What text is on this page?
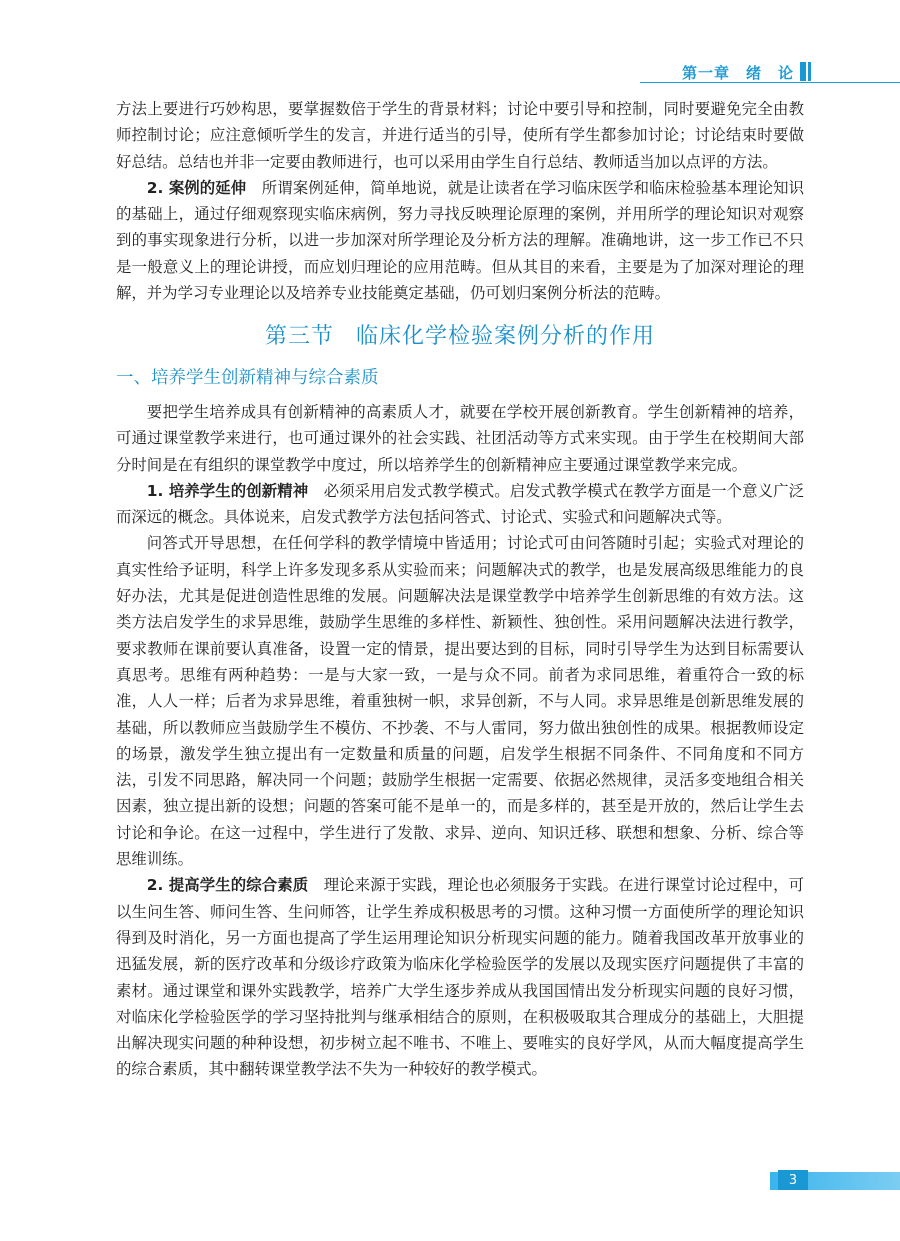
第一章　绪　论

方法上要进行巧妙构思，要掌握数倍于学生的背景材料；讨论中要引导和控制，同时要避免完全由教师控制讨论；应注意倾听学生的发言，并进行适当的引导，使所有学生都参加讨论；讨论结束时要做好总结。总结也并非一定要由教师进行，也可以采用由学生自行总结、教师适当加以点评的方法。

2. 案例的延伸　所谓案例延伸，简单地说，就是让读者在学习临床医学和临床检验基本理论知识的基础上，通过仔细观察现实临床病例，努力寻找反映理论原理的案例，并用所学的理论知识对观察到的事实现象进行分析，以进一步加深对所学理论及分析方法的理解。准确地讲，这一步工作已不只是一般意义上的理论讲授，而应划归理论的应用范畴。但从其目的来看，主要是为了加深对理论的理解，并为学习专业理论以及培养专业技能奠定基础，仍可划归案例分析法的范畴。

第三节 临床化学检验案例分析的作用
一、培养学生创新精神与综合素质

要把学生培养成具有创新精神的高素质人才，就要在学校开展创新教育。学生创新精神的培养，可通过课堂教学来进行，也可通过课外的社会实践、社团活动等方式来实现。由于学生在校期间大部分时间是在有组织的课堂教学中度过，所以培养学生的创新精神应主要通过课堂教学来完成。

1. 培养学生的创新精神　必须采用启发式教学模式。启发式教学模式在教学方面是一个意义广泛而深远的概念。具体说来，启发式教学方法包括问答式、讨论式、实验式和问题解决式等。

问答式开导思想，在任何学科的教学情境中皆适用；讨论式可由问答随时引起；实验式对理论的真实性给予证明，科学上许多发现多系从实验而来；问题解决式的教学，也是发展高级思维能力的良好办法，尤其是促进创造性思维的发展。问题解决法是课堂教学中培养学生创新思维的有效方法。这类方法启发学生的求异思维，鼓励学生思维的多样性、新颖性、独创性。采用问题解决法进行教学，要求教师在课前要认真准备，设置一定的情景，提出要达到的目标，同时引导学生为达到目标需要认真思考。思维有两种趋势：一是与大家一致，一是与众不同。前者为求同思维，着重符合一致的标准，人人一样；后者为求异思维，着重独树一帜，求异创新，不与人同。求异思维是创新思维发展的基础，所以教师应当鼓励学生不模仿、不抄袭、不与人雷同，努力做出独创性的成果。根据教师设定的场景，激发学生独立提出有一定数量和质量的问题，启发学生根据不同条件、不同角度和不同方法，引发不同思路，解决同一个问题；鼓励学生根据一定需要、依据必然规律，灵活多变地组合相关因素，独立提出新的设想；问题的答案可能不是单一的，而是多样的，甚至是开放的，然后让学生去讨论和争论。在这一过程中，学生进行了发散、求异、逆向、知识迁移、联想和想象、分析、综合等思维训练。

2. 提高学生的综合素质　理论来源于实践，理论也必须服务于实践。在进行课堂讨论过程中，可以生问生答、师问生答、生问师答，让学生养成积极思考的习惯。这种习惯一方面使所学的理论知识得到及时消化，另一方面也提高了学生运用理论知识分析现实问题的能力。随着我国改革开放事业的迅猛发展，新的医疗改革和分级诊疗政策为临床化学检验医学的发展以及现实医疗问题提供了丰富的素材。通过课堂和课外实践教学，培养广大学生逐步养成从我国国情出发分析现实问题的良好习惯，对临床化学检验医学的学习坚持批判与继承相结合的原则，在积极吸取其合理成分的基础上，大胆提出解决现实问题的种种设想，初步树立起不唯书、不唯上、要唯实的良好学风，从而大幅度提高学生的综合素质，其中翻转课堂教学法不失为一种较好的教学模式。

3
